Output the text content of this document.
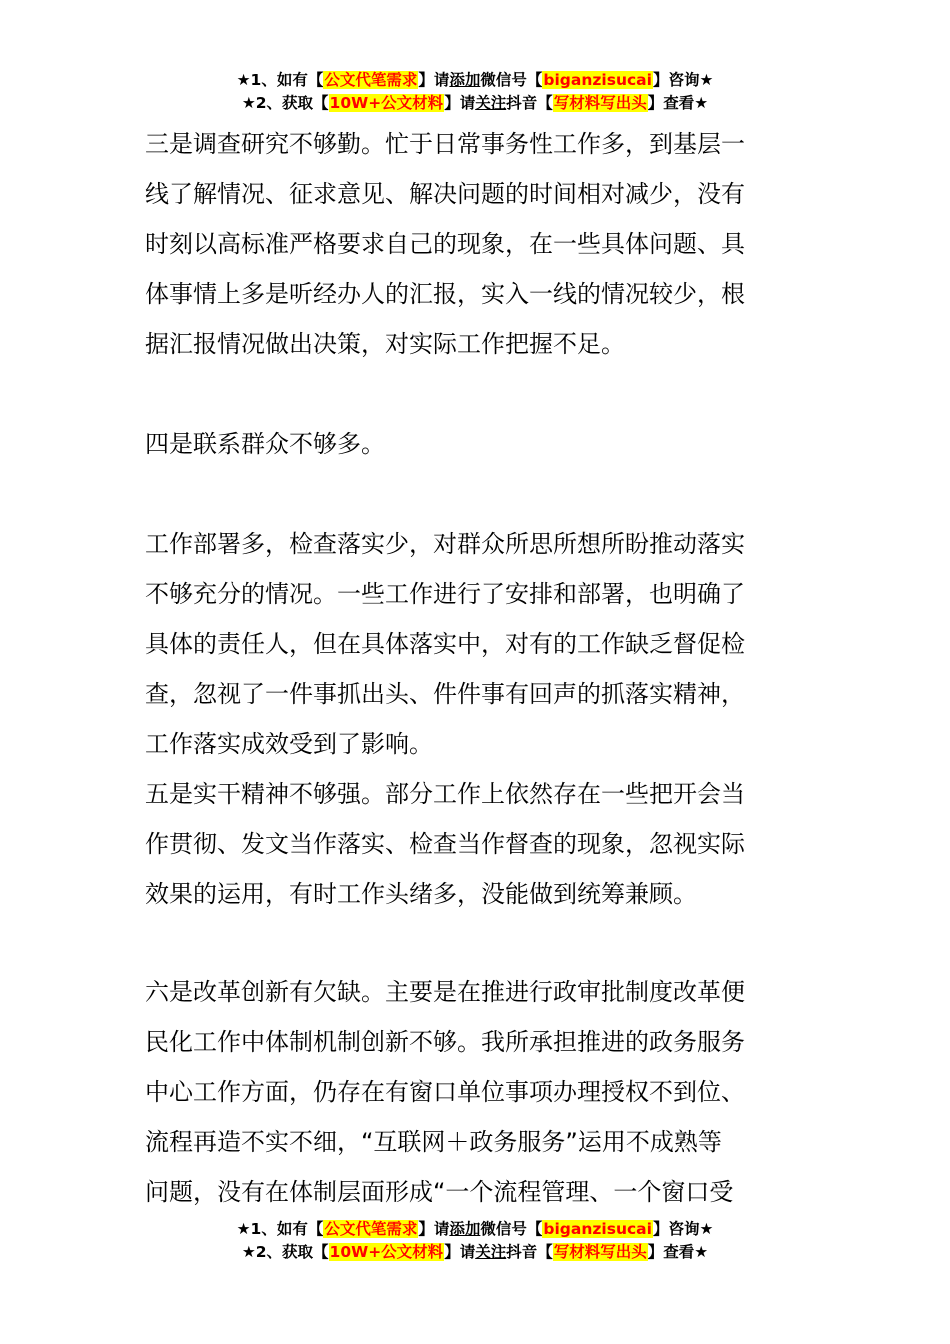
★1、如有【公文代笔需求】请添加微信号【biganzisucai】咨询★
★2、获取【10W+公文材料】请关注抖音【写材料写出头】查看★
三是调查研究不够勤。忙于日常事务性工作多，到基层一
线了解情况、征求意见、解决问题的时间相对减少，没有
时刻以高标准严格要求自己的现象，在一些具体问题、具
体事情上多是听经办人的汇报，实入一线的情况较少，根
据汇报情况做出决策，对实际工作把握不足。
四是联系群众不够多。
工作部署多，检查落实少，对群众所思所想所盼推动落实
不够充分的情况。一些工作进行了安排和部署，也明确了
具体的责任人，但在具体落实中，对有的工作缺乏督促检
查，忽视了一件事抓出头、件件事有回声的抓落实精神，
工作落实成效受到了影响。
五是实干精神不够强。部分工作上依然存在一些把开会当
作贯彻、发文当作落实、检查当作督查的现象，忽视实际
效果的运用，有时工作头绪多，没能做到统筹兼顾。
六是改革创新有欠缺。主要是在推进行政审批制度改革便
民化工作中体制机制创新不够。我所承担推进的政务服务
中心工作方面，仍存在有窗口单位事项办理授权不到位、
流程再造不实不细，“互联网＋政务服务”运用不成熟等
问题，没有在体制层面形成“一个流程管理、一个窗口受
★1、如有【公文代笔需求】请添加微信号【biganzisucai】咨询★
★2、获取【10W+公文材料】请关注抖音【写材料写出头】查看★
